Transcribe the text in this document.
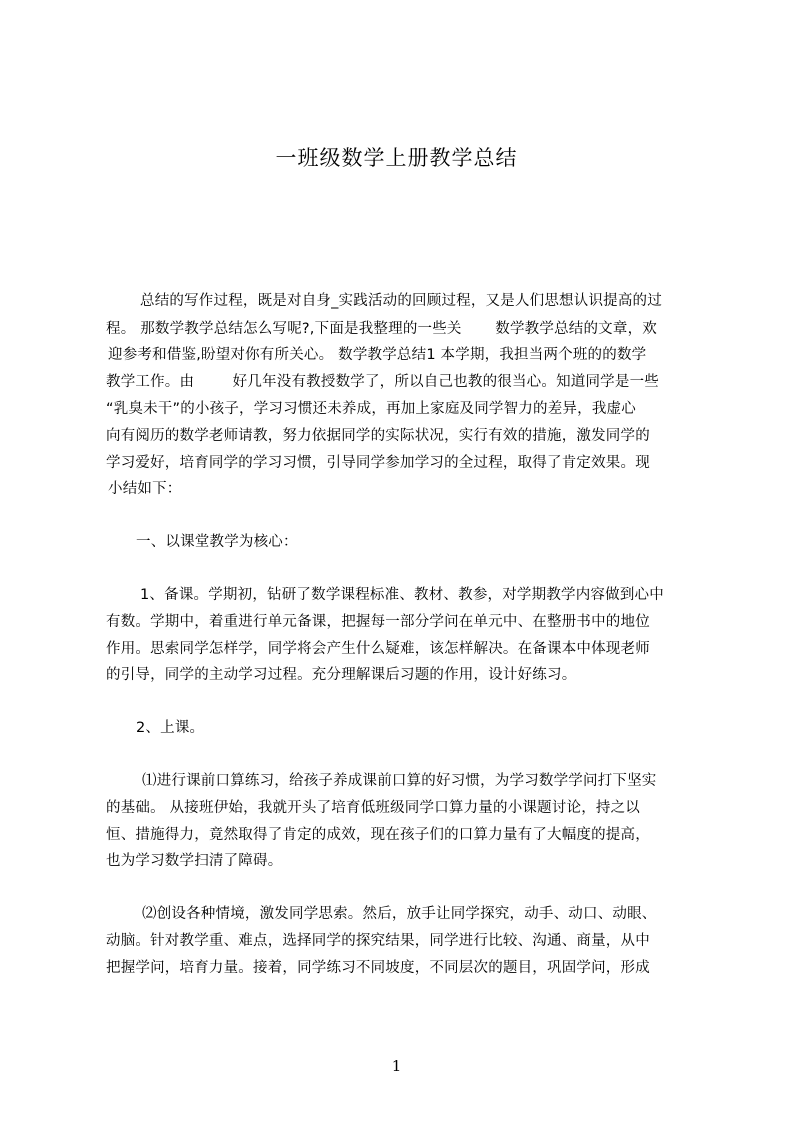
一班级数学上册教学总结
总结的写作过程，既是对自身_实践活动的回顾过程，又是人们思想认识提高的过
程。 那数学教学总结怎么写呢?,下面是我整理的一些关       数学教学总结的文章，欢
迎参考和借鉴,盼望对你有所关心。 数学教学总结1 本学期，我担当两个班的的数学
教学工作。由        好几年没有教授数学了，所以自己也教的很当心。知道同学是一些
“乳臭未干”的小孩子，学习习惯还未养成，再加上家庭及同学智力的差异，我虚心
向有阅历的数学老师请教，努力依据同学的实际状况，实行有效的措施，激发同学的
学习爱好，培育同学的学习习惯，引导同学参加学习的全过程，取得了肯定效果。现
小结如下：
一、以课堂教学为核心：
1、备课。学期初，钻研了数学课程标准、教材、教参，对学期教学内容做到心中
有数。学期中，着重进行单元备课，把握每一部分学问在单元中、在整册书中的地位
作用。思索同学怎样学，同学将会产生什么疑难，该怎样解决。在备课本中体现老师
的引导，同学的主动学习过程。充分理解课后习题的作用，设计好练习。
2、上课。
⑴进行课前口算练习，给孩子养成课前口算的好习惯，为学习数学学问打下坚实
的基础。 从接班伊始，我就开头了培育低班级同学口算力量的小课题讨论，持之以
恒、措施得力，竟然取得了肯定的成效，现在孩子们的口算力量有了大幅度的提高，
也为学习数学扫清了障碍。
⑵创设各种情境，激发同学思索。然后，放手让同学探究，动手、动口、动眼、
动脑。针对教学重、难点，选择同学的探究结果，同学进行比较、沟通、商量，从中
把握学问，培育力量。接着，同学练习不同坡度，不同层次的题目，巩固学问，形成
1
